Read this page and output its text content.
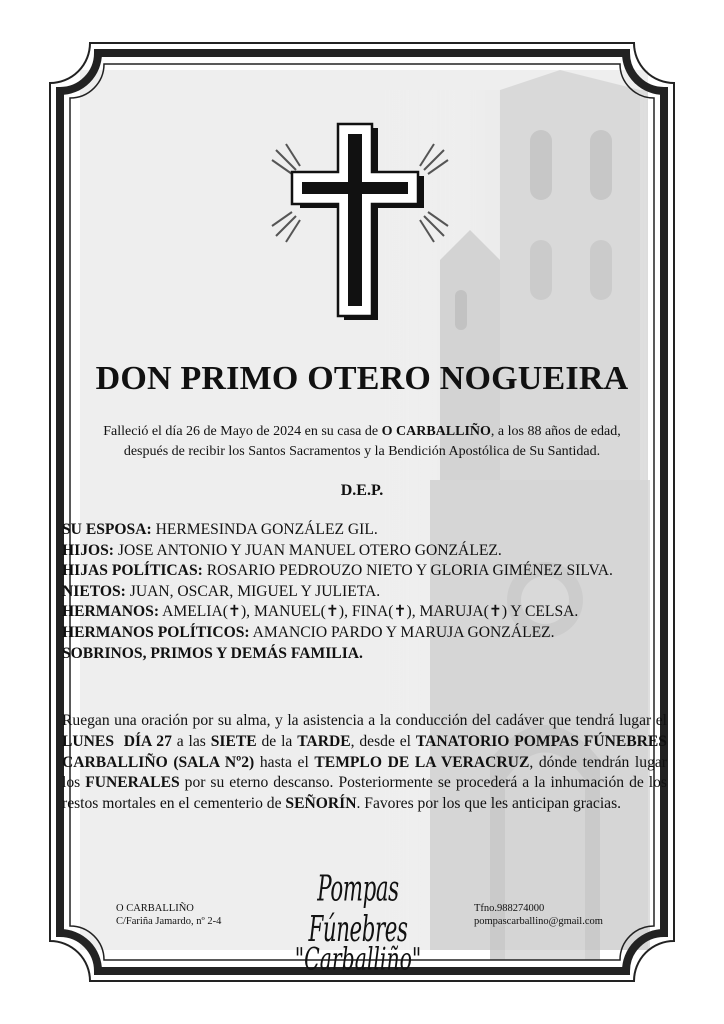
DON PRIMO OTERO NOGUEIRA
Falleció el día 26 de Mayo de 2024 en su casa de O CARBALLIÑO, a los 88 años de edad,
después de recibir los Santos Sacramentos y la Bendición Apostólica de Su Santidad.
D.E.P.
SU ESPOSA: HERMESINDA GONZÁLEZ GIL.
HIJOS: JOSE ANTONIO Y JUAN MANUEL OTERO GONZÁLEZ.
HIJAS POLÍTICAS: ROSARIO PEDROUZO NIETO Y GLORIA GIMÉNEZ SILVA.
NIETOS: JUAN, OSCAR, MIGUEL Y JULIETA.
HERMANOS: AMELIA(✝), MANUEL(✝), FINA(✝), MARUJA(✝) Y CELSA.
HERMANOS POLÍTICOS: AMANCIO PARDO Y MARUJA GONZÁLEZ.
SOBRINOS, PRIMOS Y DEMÁS FAMILIA.
Ruegan una oración por su alma, y la asistencia a la conducción del cadáver que tendrá lugar el LUNES  DÍA 27 a las SIETE de la TARDE, desde el TANATORIO POMPAS FÚNEBRES CARBALLIÑO (SALA Nº2) hasta el TEMPLO DE LA VERACRUZ, dónde tendrán lugar los FUNERALES por su eterno descanso. Posteriormente se procederá a la inhumación de los restos mortales en el cementerio de SEÑORÍN. Favores por los que les anticipan gracias.
O CARBALLIÑO
C/Fariña Jamardo, nº 2-4
Pompas Fúnebres
"Carballiño"
Tfno.988274000
pompascarballino@gmail.com
